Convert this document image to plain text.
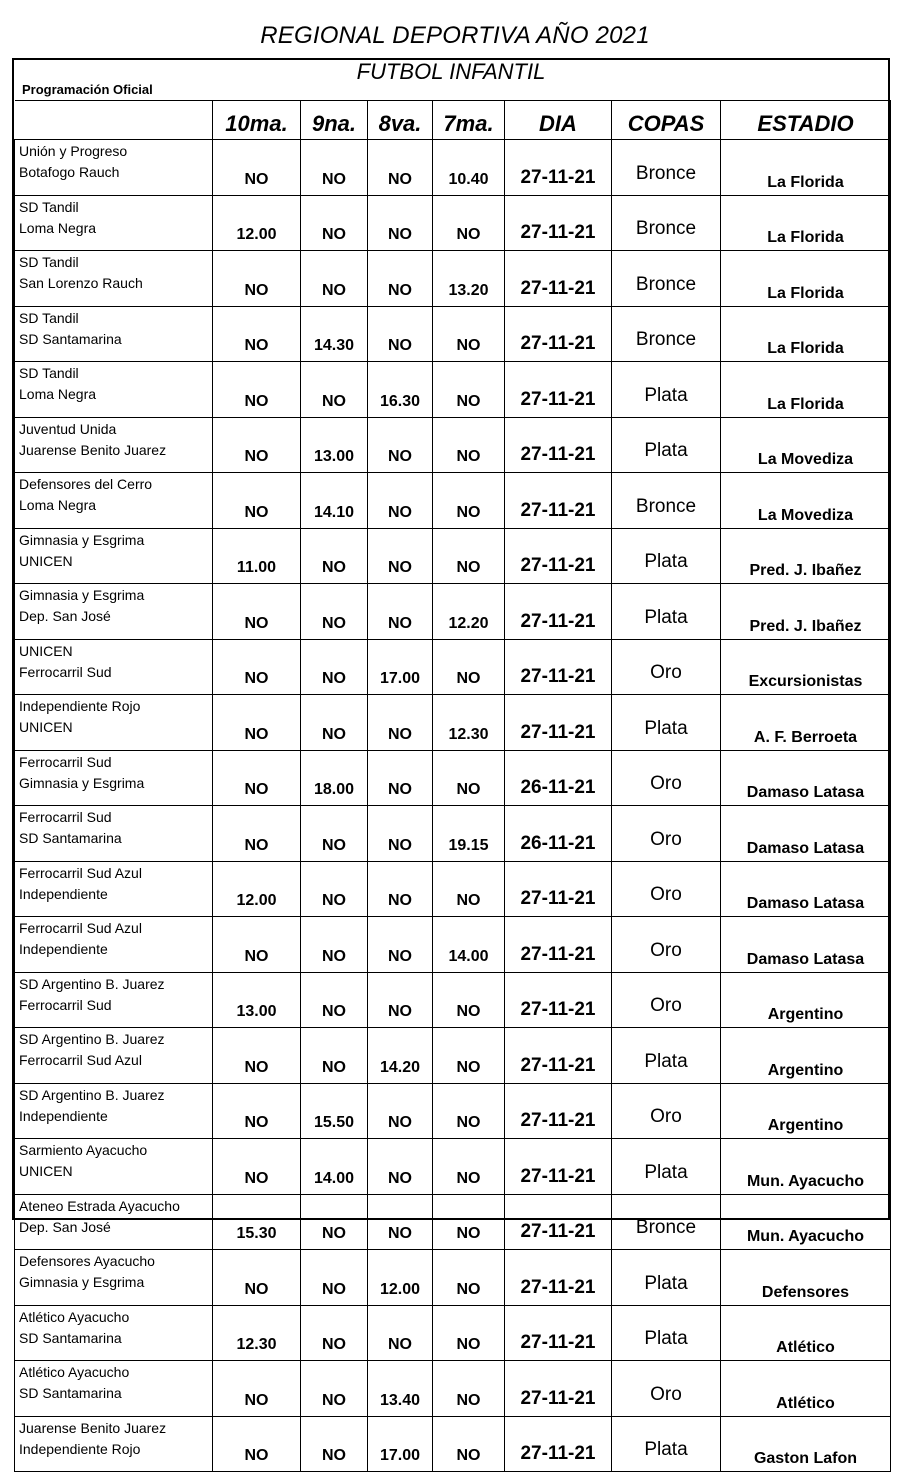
REGIONAL DEPORTIVA AÑO 2021
FUTBOL INFANTIL
Programación Oficial
	10ma.	9na.	8va.	7ma.	DIA	COPAS	ESTADIO

Unión y Progreso
Botafogo Rauch	NO	NO	NO	10.40	27-11-21	Bronce	La Florida

SD Tandil
Loma Negra	12.00	NO	NO	NO	27-11-21	Bronce	La Florida

SD Tandil
San Lorenzo Rauch	NO	NO	NO	13.20	27-11-21	Bronce	La Florida

SD Tandil
SD Santamarina	NO	14.30	NO	NO	27-11-21	Bronce	La Florida

SD Tandil
Loma Negra	NO	NO	16.30	NO	27-11-21	Plata	La Florida

Juventud Unida
Juarense Benito Juarez	NO	13.00	NO	NO	27-11-21	Plata	La Movediza

Defensores del Cerro
Loma Negra	NO	14.10	NO	NO	27-11-21	Bronce	La Movediza

Gimnasia y Esgrima
UNICEN	11.00	NO	NO	NO	27-11-21	Plata	Pred. J. Ibañez

Gimnasia y Esgrima
Dep. San José	NO	NO	NO	12.20	27-11-21	Plata	Pred. J. Ibañez

UNICEN
Ferrocarril Sud	NO	NO	17.00	NO	27-11-21	Oro	Excursionistas

Independiente Rojo
UNICEN	NO	NO	NO	12.30	27-11-21	Plata	A. F. Berroeta

Ferrocarril Sud
Gimnasia y Esgrima	NO	18.00	NO	NO	26-11-21	Oro	Damaso Latasa

Ferrocarril Sud
SD Santamarina	NO	NO	NO	19.15	26-11-21	Oro	Damaso Latasa

Ferrocarril Sud Azul
Independiente	12.00	NO	NO	NO	27-11-21	Oro	Damaso Latasa

Ferrocarril Sud Azul
Independiente	NO	NO	NO	14.00	27-11-21	Oro	Damaso Latasa

SD Argentino B. Juarez
Ferrocarril Sud	13.00	NO	NO	NO	27-11-21	Oro	Argentino

SD Argentino B. Juarez
Ferrocarril Sud Azul	NO	NO	14.20	NO	27-11-21	Plata	Argentino

SD Argentino B. Juarez
Independiente	NO	15.50	NO	NO	27-11-21	Oro	Argentino

Sarmiento Ayacucho
UNICEN	NO	14.00	NO	NO	27-11-21	Plata	Mun. Ayacucho

Ateneo Estrada Ayacucho
Dep. San José	15.30	NO	NO	NO	27-11-21	Bronce	Mun. Ayacucho

Defensores Ayacucho
Gimnasia y Esgrima	NO	NO	12.00	NO	27-11-21	Plata	Defensores

Atlético Ayacucho
SD Santamarina	12.30	NO	NO	NO	27-11-21	Plata	Atlético

Atlético Ayacucho
SD Santamarina	NO	NO	13.40	NO	27-11-21	Oro	Atlético

Juarense Benito Juarez
Independiente Rojo	NO	NO	17.00	NO	27-11-21	Plata	Gaston Lafon
